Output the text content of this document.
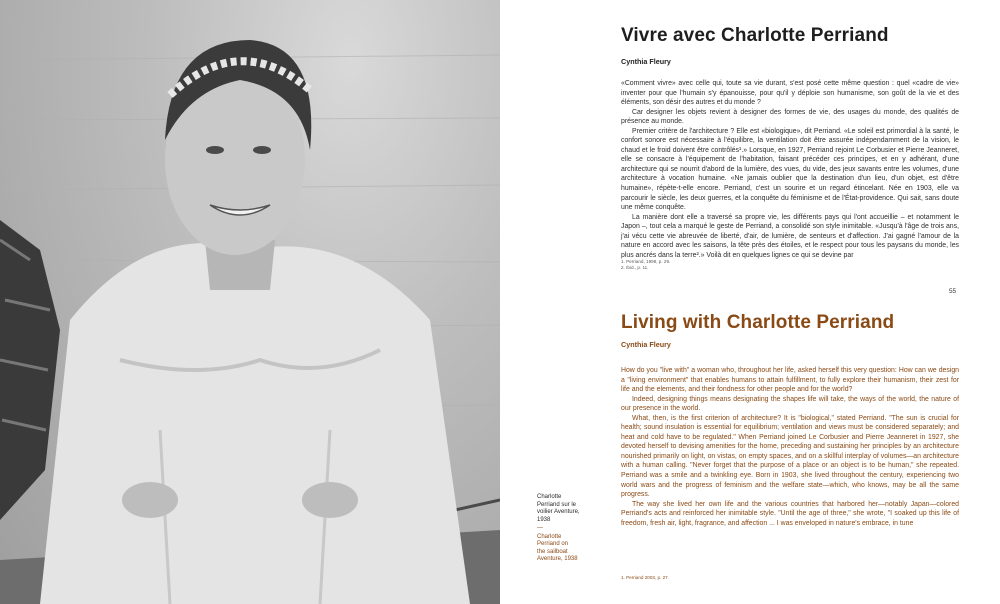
Charlotte
Perriand sur le
voilier Aventure,
1938
—
Charlotte
Perriand on
the sailboat
Aventure, 1938
Vivre avec Charlotte Perriand
Cynthia Fleury

«Comment vivre» avec celle qui, toute sa vie durant, s'est posé cette même question : quel «cadre de vie» inventer pour que l'humain s'y épanouisse, pour qu'il y déploie son humanisme, son goût de la vie et des éléments, son désir des autres et du monde ?

Car designer les objets revient à designer des formes de vie, des usages du monde, des qualités de présence au monde.

Premier critère de l'architecture ? Elle est «biologique», dit Perriand. «Le soleil est primordial à la santé, le confort sonore est nécessaire à l'équilibre, la ventilation doit être assurée indépendamment de la vision, le chaud et le froid doivent être contrôlés¹.» Lorsque, en 1927, Perriand rejoint Le Corbusier et Pierre Jeanneret, elle se consacre à l'équipement de l'habitation, faisant précéder ces principes, et en y adhérant, d'une architecture qui se nourrit d'abord de la lumière, des vues, du vide, des jeux savants entre les volumes, d'une architecture à vocation humaine. «Ne jamais oublier que la destination d'un lieu, d'un objet, est d'être humaine», répète-t-elle encore. Perriand, c'est un sourire et un regard étincelant. Née en 1903, elle va parcourir le siècle, les deux guerres, et la conquête du féminisme et de l'État-providence. Qui sait, sans doute une même conquête.

La manière dont elle a traversé sa propre vie, les différents pays qui l'ont accueillie – et notamment le Japon –, tout cela a marqué le geste de Perriand, a consolidé son style inimitable. «Jusqu'à l'âge de trois ans, j'ai vécu cette vie abreuvée de liberté, d'air, de lumière, de senteurs et d'affection. J'ai gagné l'amour de la nature en accord avec les saisons, la tête près des étoiles, et le respect pour tous les paysans du monde, les plus ancrés dans la terre².» Voilà dit en quelques lignes ce qui se devine par

1. Perriand, 1998, p. 29.
2. Ibid., p. 11.
55
Living with Charlotte Perriand
Cynthia Fleury

How do you "live with" a woman who, throughout her life, asked herself this very question: How can we design a "living environment" that enables humans to attain fulfillment, to fully explore their humanism, their zest for life and the elements, and their fondness for other people and for the world?

Indeed, designing things means designating the shapes life will take, the ways of the world, the nature of our presence in the world.

What, then, is the first criterion of architecture? It is "biological," stated Perriand. "The sun is crucial for health; sound insulation is essential for equilibrium; ventilation and views must be considered separately; and heat and cold have to be regulated." When Perriand joined Le Corbusier and Pierre Jeanneret in 1927, she devoted herself to devising amenities for the home, preceding and sustaining her principles by an architecture nourished primarily on light, on vistas, on empty spaces, and on a skillful interplay of volumes—an architecture with a human calling. "Never forget that the purpose of a place or an object is to be human," she repeated. Perriand was a smile and a twinkling eye. Born in 1903, she lived throughout the century, experiencing two world wars and the progress of feminism and the welfare state—which, who knows, may be all the same progress.

The way she lived her own life and the various countries that harbored her—notably Japan—colored Perriand's acts and reinforced her inimitable style. "Until the age of three," she wrote, "I soaked up this life of freedom, fresh air, light, fragrance, and affection ... I was enveloped in nature's embrace, in tune

1. Perriand 2003, p. 27.
